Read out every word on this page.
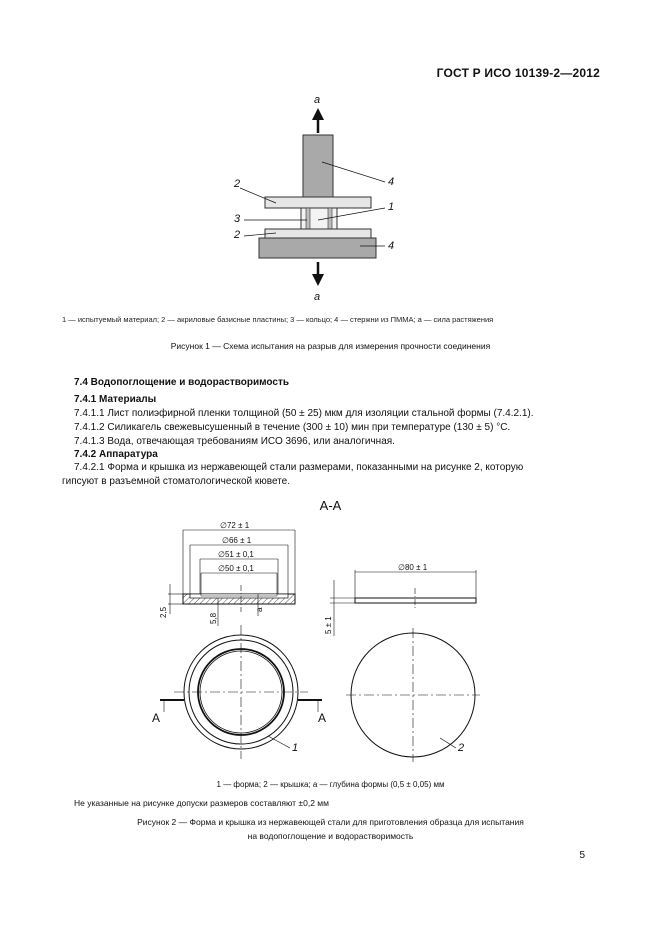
ГОСТ Р ИСО 10139-2—2012
a
a
2	4
3
1
2
4
1 — испытуемый материал; 2 — акриловые базисные пластины; 3 — кольцо; 4 — стержни из ПММА; a — сила растяжения
Рисунок 1 — Схема испытания на разрыв для измерения прочности соединения
7.4 Водопоглощение и водорастворимость
7.4.1 Материалы
7.4.1.1 Лист полиэфирной пленки толщиной (50 ± 25) мкм для изоляции стальной формы (7.4.2.1).
7.4.1.2 Силикагель свежевысушенный в течение (300 ± 10) мин при температуре (130 ± 5) °С.
7.4.1.3 Вода, отвечающая требованиям ИСО 3696, или аналогичная.
7.4.2 Аппаратура
7.4.2.1 Форма и крышка из нержавеющей стали размерами, показанными на рисунке 2, которую
гипсуют в разъемной стоматологической кювете.
А-А
∅72 ± 1
∅66 ± 1
∅51 ± 0,1
∅50 ± 0,1
2,5
5,8
a
∅80 ± 1
5 ± 1
А	А
1	2
1 — форма; 2 — крышка; a — глубина формы (0,5 ± 0,05) мм
Не указанные на рисунке допуски размеров составляют ±0,2 мм
Рисунок 2 — Форма и крышка из нержавеющей стали для приготовления образца для испытания
на водопоглощение и водорастворимость
5
